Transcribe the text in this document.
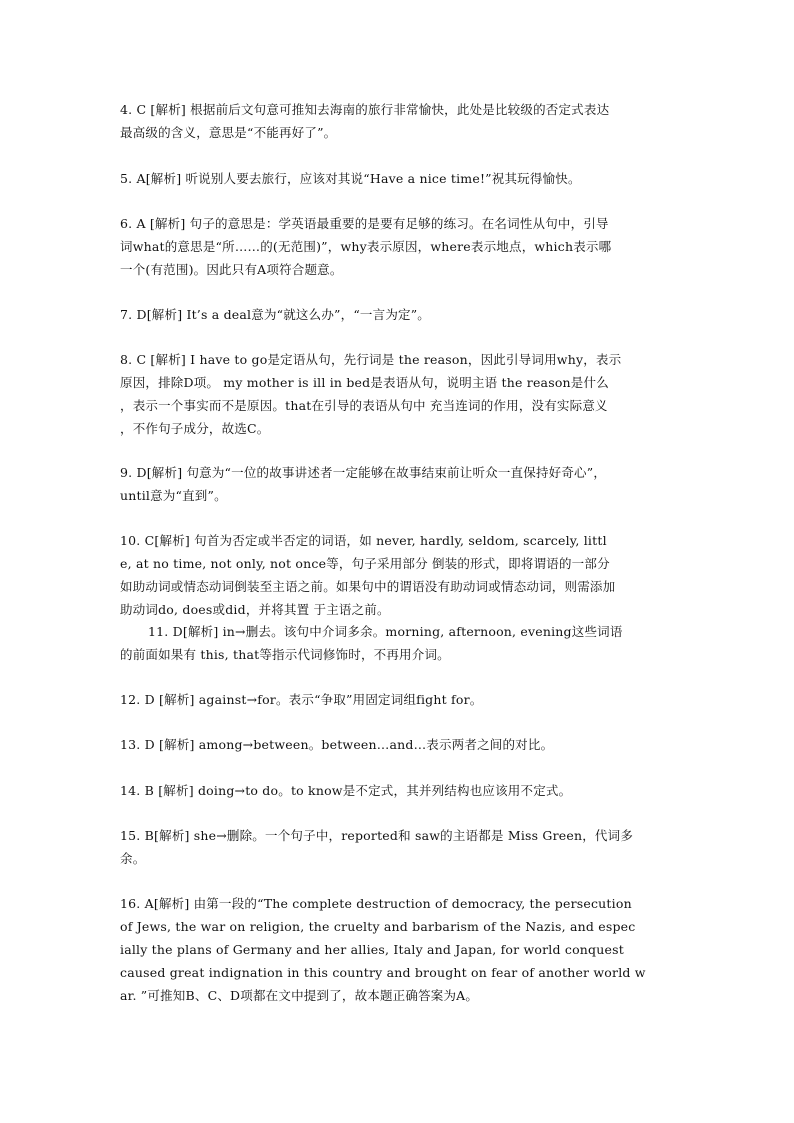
4. C [解析] 根据前后文句意可推知去海南的旅行非常愉快，此处是比较级的否定式表达
最高级的含义，意思是“不能再好了”。
5. A[解析] 听说别人要去旅行，应该对其说“Have a nice time!”祝其玩得愉快。
6. A [解析] 句子的意思是：学英语最重要的是要有足够的练习。在名词性从句中，引导
词what的意思是“所……的(无范围)”，why表示原因，where表示地点，which表示哪
一个(有范围)。因此只有A项符合题意。
7. D[解析] It’s a deal意为“就这么办”，“一言为定”。
8. C [解析] I have to go是定语从句，先行词是 the reason，因此引导词用why，表示
原因，排除D项。 my mother is ill in bed是表语从句，说明主语 the reason是什么
，表示一个事实而不是原因。that在引导的表语从句中 充当连词的作用，没有实际意义
，不作句子成分，故选C。
9. D[解析] 句意为“一位的故事讲述者一定能够在故事结束前让听众一直保持好奇心”，
until意为“直到”。
10. C[解析] 句首为否定或半否定的词语，如 never, hardly, seldom, scarcely, littl
e, at no time, not only, not once等，句子采用部分 倒装的形式，即将谓语的一部分
如助动词或情态动词倒装至主语之前。如果句中的谓语没有助动词或情态动词，则需添加
助动词do, does或did，并将其置 于主语之前。
11. D[解析] in→删去。该句中介词多余。morning, afternoon, evening这些词语
的前面如果有 this, that等指示代词修饰时，不再用介词。
12. D [解析] against→for。表示“争取”用固定词组fight for。
13. D [解析] among→between。between…and…表示两者之间的对比。
14. B [解析] doing→to do。to know是不定式，其并列结构也应该用不定式。
15. B[解析] she→删除。一个句子中，reported和 saw的主语都是 Miss Green，代词多
余。
16. A[解析] 由第一段的“The complete destruction of democracy, the persecution
of Jews, the war on religion, the cruelty and barbarism of the Nazis, and espec
ially the plans of Germany and her allies, Italy and Japan, for world conquest
caused great indignation in this country and brought on fear of another world w
ar. ”可推知B、C、D项都在文中提到了，故本题正确答案为A。
